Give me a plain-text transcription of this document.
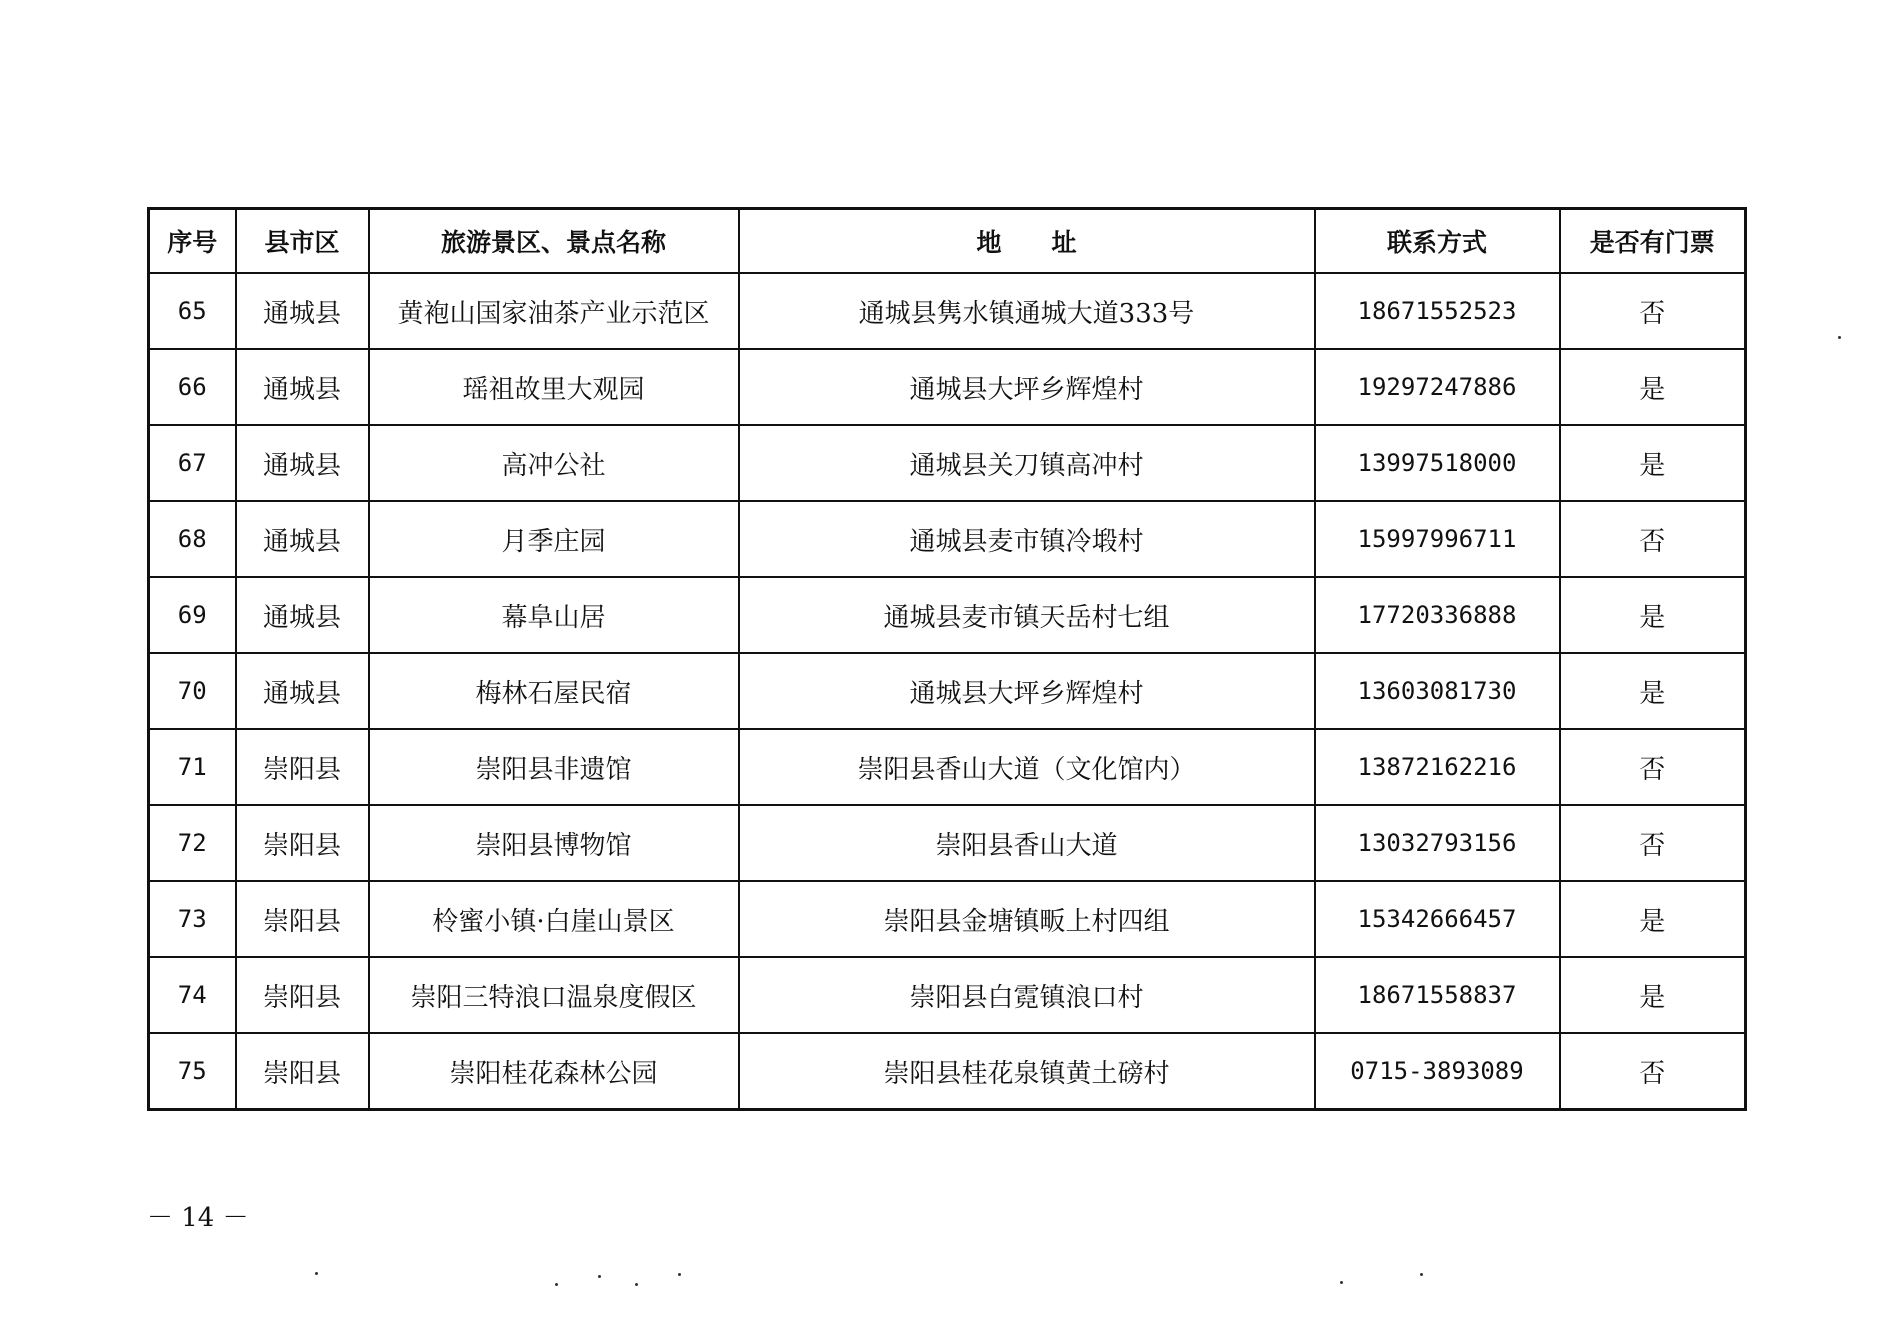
序号	县市区	旅游景区、景点名称	地　　址	联系方式	是否有门票
65	通城县	黄袍山国家油茶产业示范区	通城县隽水镇通城大道333号	18671552523	否
66	通城县	瑶祖故里大观园	通城县大坪乡辉煌村	19297247886	是
67	通城县	高冲公社	通城县关刀镇高冲村	13997518000	是
68	通城县	月季庄园	通城县麦市镇冷塅村	15997996711	否
69	通城县	幕阜山居	通城县麦市镇天岳村七组	17720336888	是
70	通城县	梅林石屋民宿	通城县大坪乡辉煌村	13603081730	是
71	崇阳县	崇阳县非遗馆	崇阳县香山大道（文化馆内）	13872162216	否
72	崇阳县	崇阳县博物馆	崇阳县香山大道	13032793156	否
73	崇阳县	柃蜜小镇·白崖山景区	崇阳县金塘镇畈上村四组	15342666457	是
74	崇阳县	崇阳三特浪口温泉度假区	崇阳县白霓镇浪口村	18671558837	是
75	崇阳县	崇阳桂花森林公园	崇阳县桂花泉镇黄土磅村	0715-3893089	否
－ 14 －
